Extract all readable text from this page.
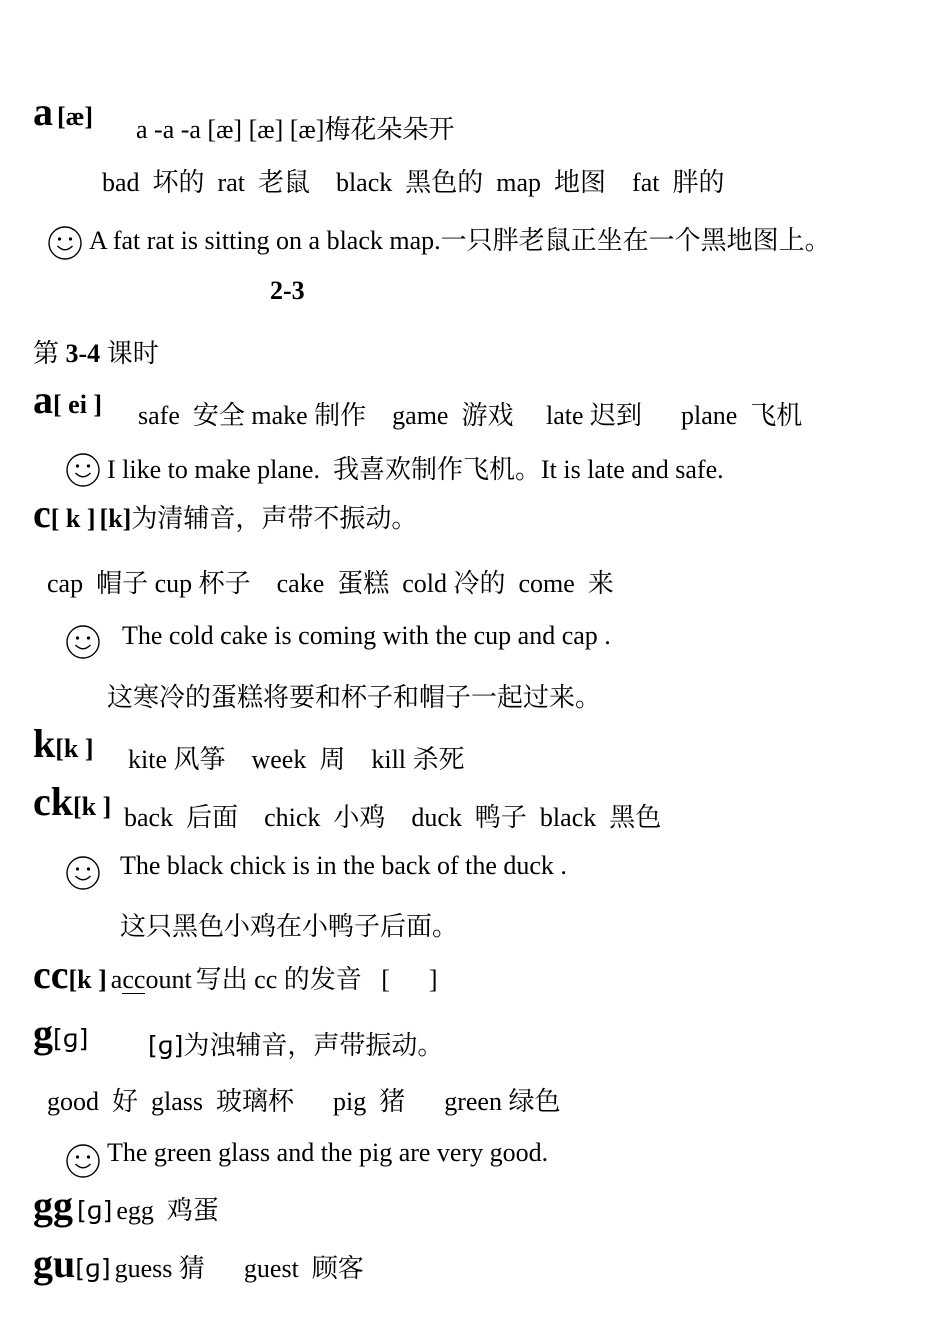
a [æ] a -a -a [æ] [æ] [æ]梅花朵朵开
bad  坏的  rat  老鼠    black  黑色的  map  地图    fat  胖的
A fat rat is sitting on a black map.一只胖老鼠正坐在一个黑地图上。
2-3
第 3-4 课时
a[ ei ] safe  安全 make 制作    game  游戏     late 迟到      plane  飞机
I like to make plane.  我喜欢制作飞机。It is late and safe.
c[ k ] [k]为清辅音，声带不振动。
cap  帽子 cup 杯子    cake  蛋糕  cold 冷的  come  来
The cold cake is coming with the cup and cap .
这寒冷的蛋糕将要和杯子和帽子一起过来。
k[k ] kite 风筝    week  周    kill 杀死
ck[k ] back  后面    chick  小鸡    duck  鸭子  black  黑色
The black chick is in the back of the duck .
这只黑色小鸡在小鸭子后面。
cc[k ] account 写出 cc 的发音   [      ]
g[ɡ] [ɡ]为浊辅音，声带振动。
good  好  glass  玻璃杯      pig  猪      green 绿色
The green glass and the pig are very good.
gg [ɡ] egg  鸡蛋
gu[ɡ] guess 猜      guest  顾客
